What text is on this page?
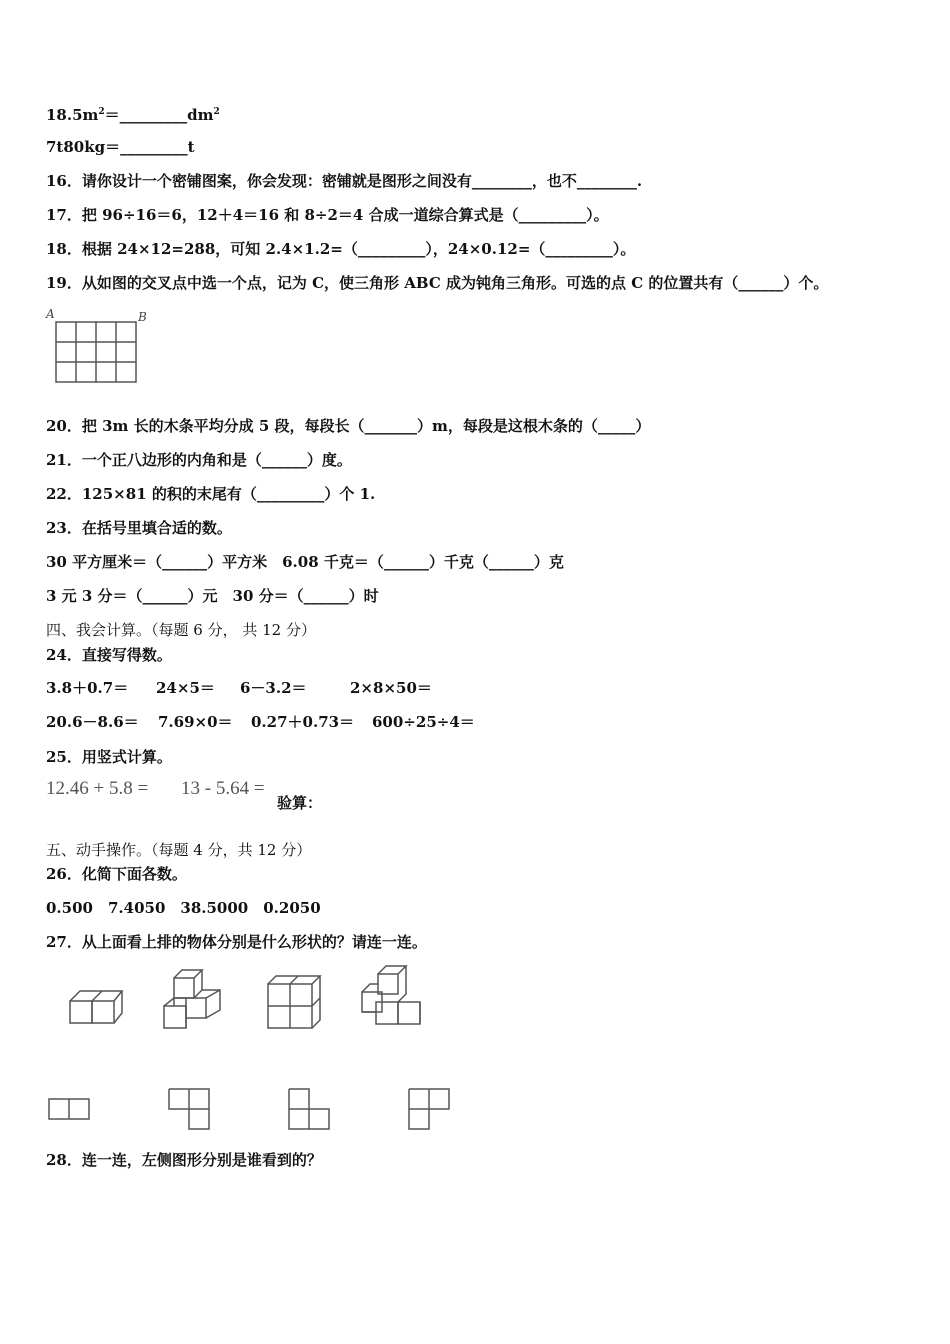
$18.5m^2=\_\_\_\_\_\_\_\_\_dm^2$
7t80kg＝_________t
16．请你设计一个密铺图案，你会发现：密铺就是图形之间没有________，也不________.
17．把 96÷16＝6，12＋4＝16 和 8÷2＝4 合成一道综合算式是（_________）。
18．根据 24×12=288，可知 2.4×1.2=（_________），24×0.12=（_________）。
19．从如图的交叉点中选一个点，记为 C，使三角形 ABC 成为钝角三角形。可选的点 C 的位置共有（______）个。
A	B
20．把 3m 长的木条平均分成 5 段，每段长（_______）m，每段是这根木条的（_____）
21．一个正八边形的内角和是（______）度。
22．125×81 的积的末尾有（_________）个 1.
23．在括号里填合适的数。
30 平方厘米＝（______）平方米　6.08 千克＝（______）千克（______）克
3 元 3 分＝（______）元　30 分＝（______）时
四、我会计算。（每题 6 分， 共 12 分）
24．直接写得数。
3.8＋0.7＝ 24×5＝ 6－3.2＝	2×8×50＝
20.6－8.6＝ 7.69×0＝ 0.27＋0.73＝ 600÷25÷4＝
25．用竖式计算。
12.46 + 5.8 = 13 - 5.64 =
验算：
五、动手操作。（每题 4 分，共 12 分）
26．化简下面各数。
0.500　7.4050　38.5000　0.2050
27．从上面看上排的物体分别是什么形状的？请连一连。
28．连一连，左侧图形分别是谁看到的？
